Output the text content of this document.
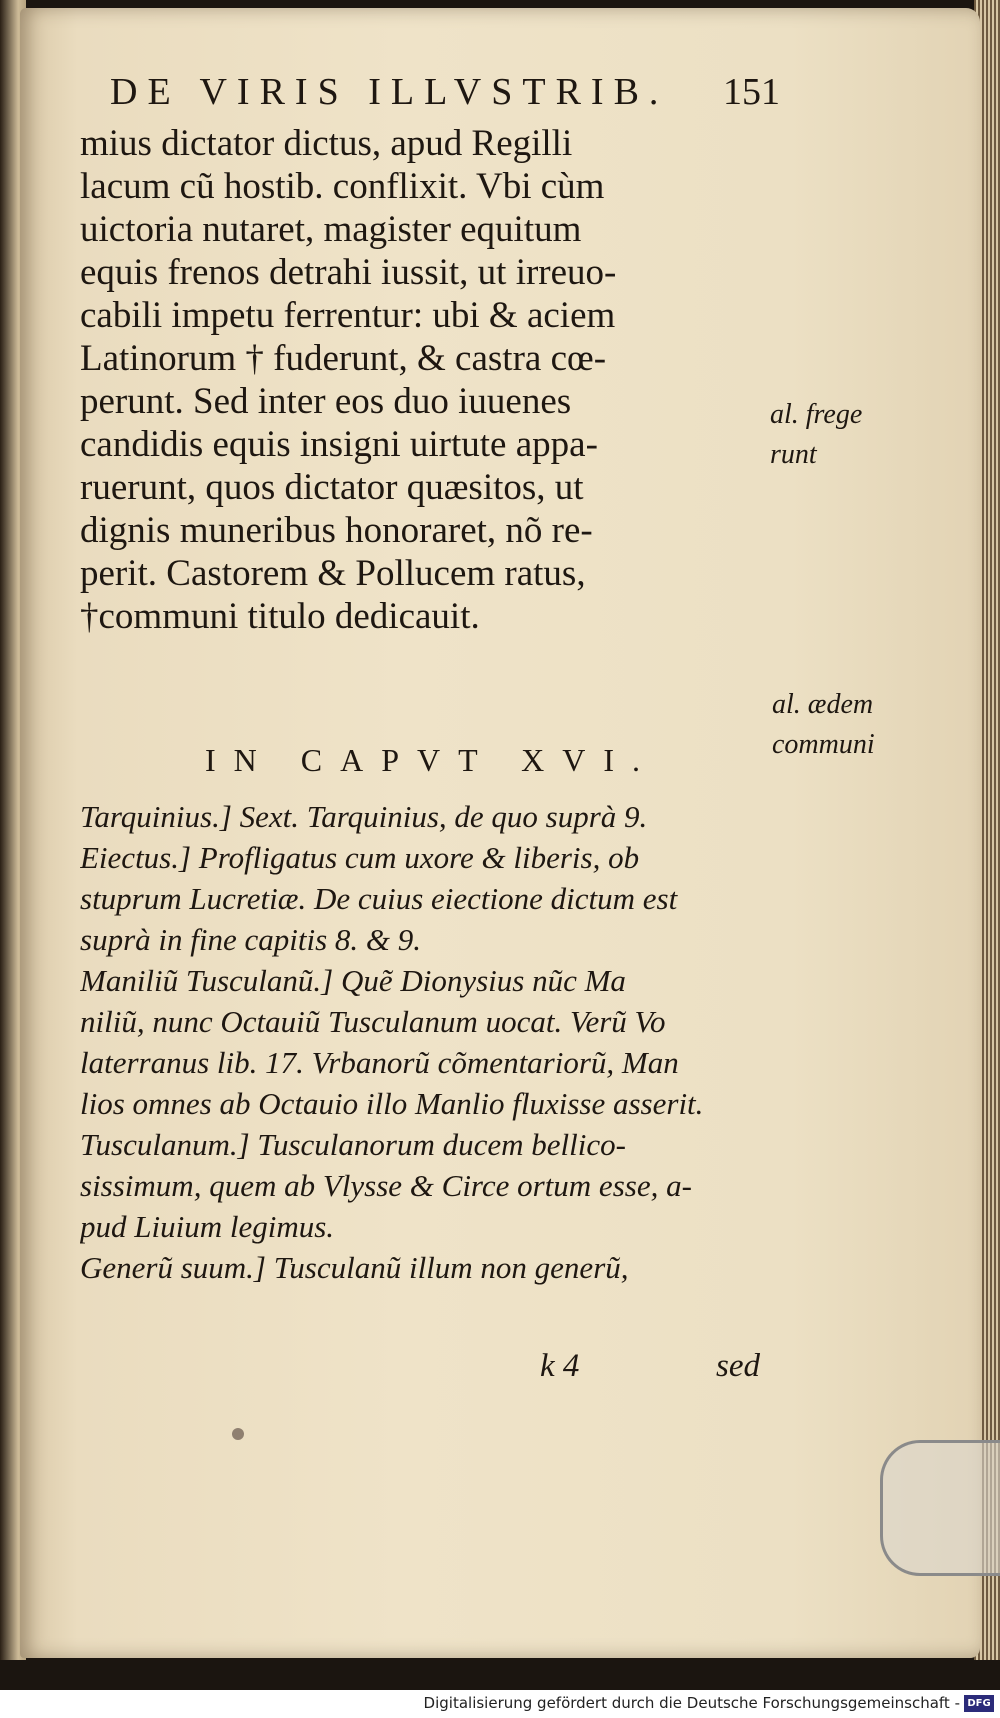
DE VIRIS ILLVSTRIB. 151
mius dictator dictus, apud Regilli
lacum cũ hostib. conflixit. Vbi cùm
uictoria nutaret, magister equitum
equis frenos detrahi iussit, ut irreuo-
cabili impetu ferrentur: ubi & aciem
Latinorum † fuderunt, & castra cœ-
perunt. Sed inter eos duo iuuenes
candidis equis insigni uirtute appa-
ruerunt, quos dictator quæsitos, ut
dignis muneribus honoraret, nõ re-
perit. Castorem & Pollucem ratus,
†communi titulo dedicauit.
al. frege
runt
al. ædem
communi
IN CAPVT XVI.
Tarquinius.] Sext. Tarquinius, de quo suprà 9.
Eiectus.] Profligatus cum uxore & liberis, ob
stuprum Lucretiæ. De cuius eiectione dictum est
suprà in fine capitis 8. & 9.
Maniliũ Tusculanũ.] Quẽ Dionysius nũc Ma
niliũ, nunc Octauiũ Tusculanum uocat. Verũ Vo
laterranus lib. 17. Vrbanorũ cõmentariorũ, Man
lios omnes ab Octauio illo Manlio fluxisse asserit.
Tusculanum.] Tusculanorum ducem bellico-
sissimum, quem ab Vlysse & Circe ortum esse, a-
pud Liuium legimus.
Generũ suum.] Tusculanũ illum non generũ,
k 4	sed
Digitalisierung gefördert durch die Deutsche Forschungsgemeinschaft - DFG
